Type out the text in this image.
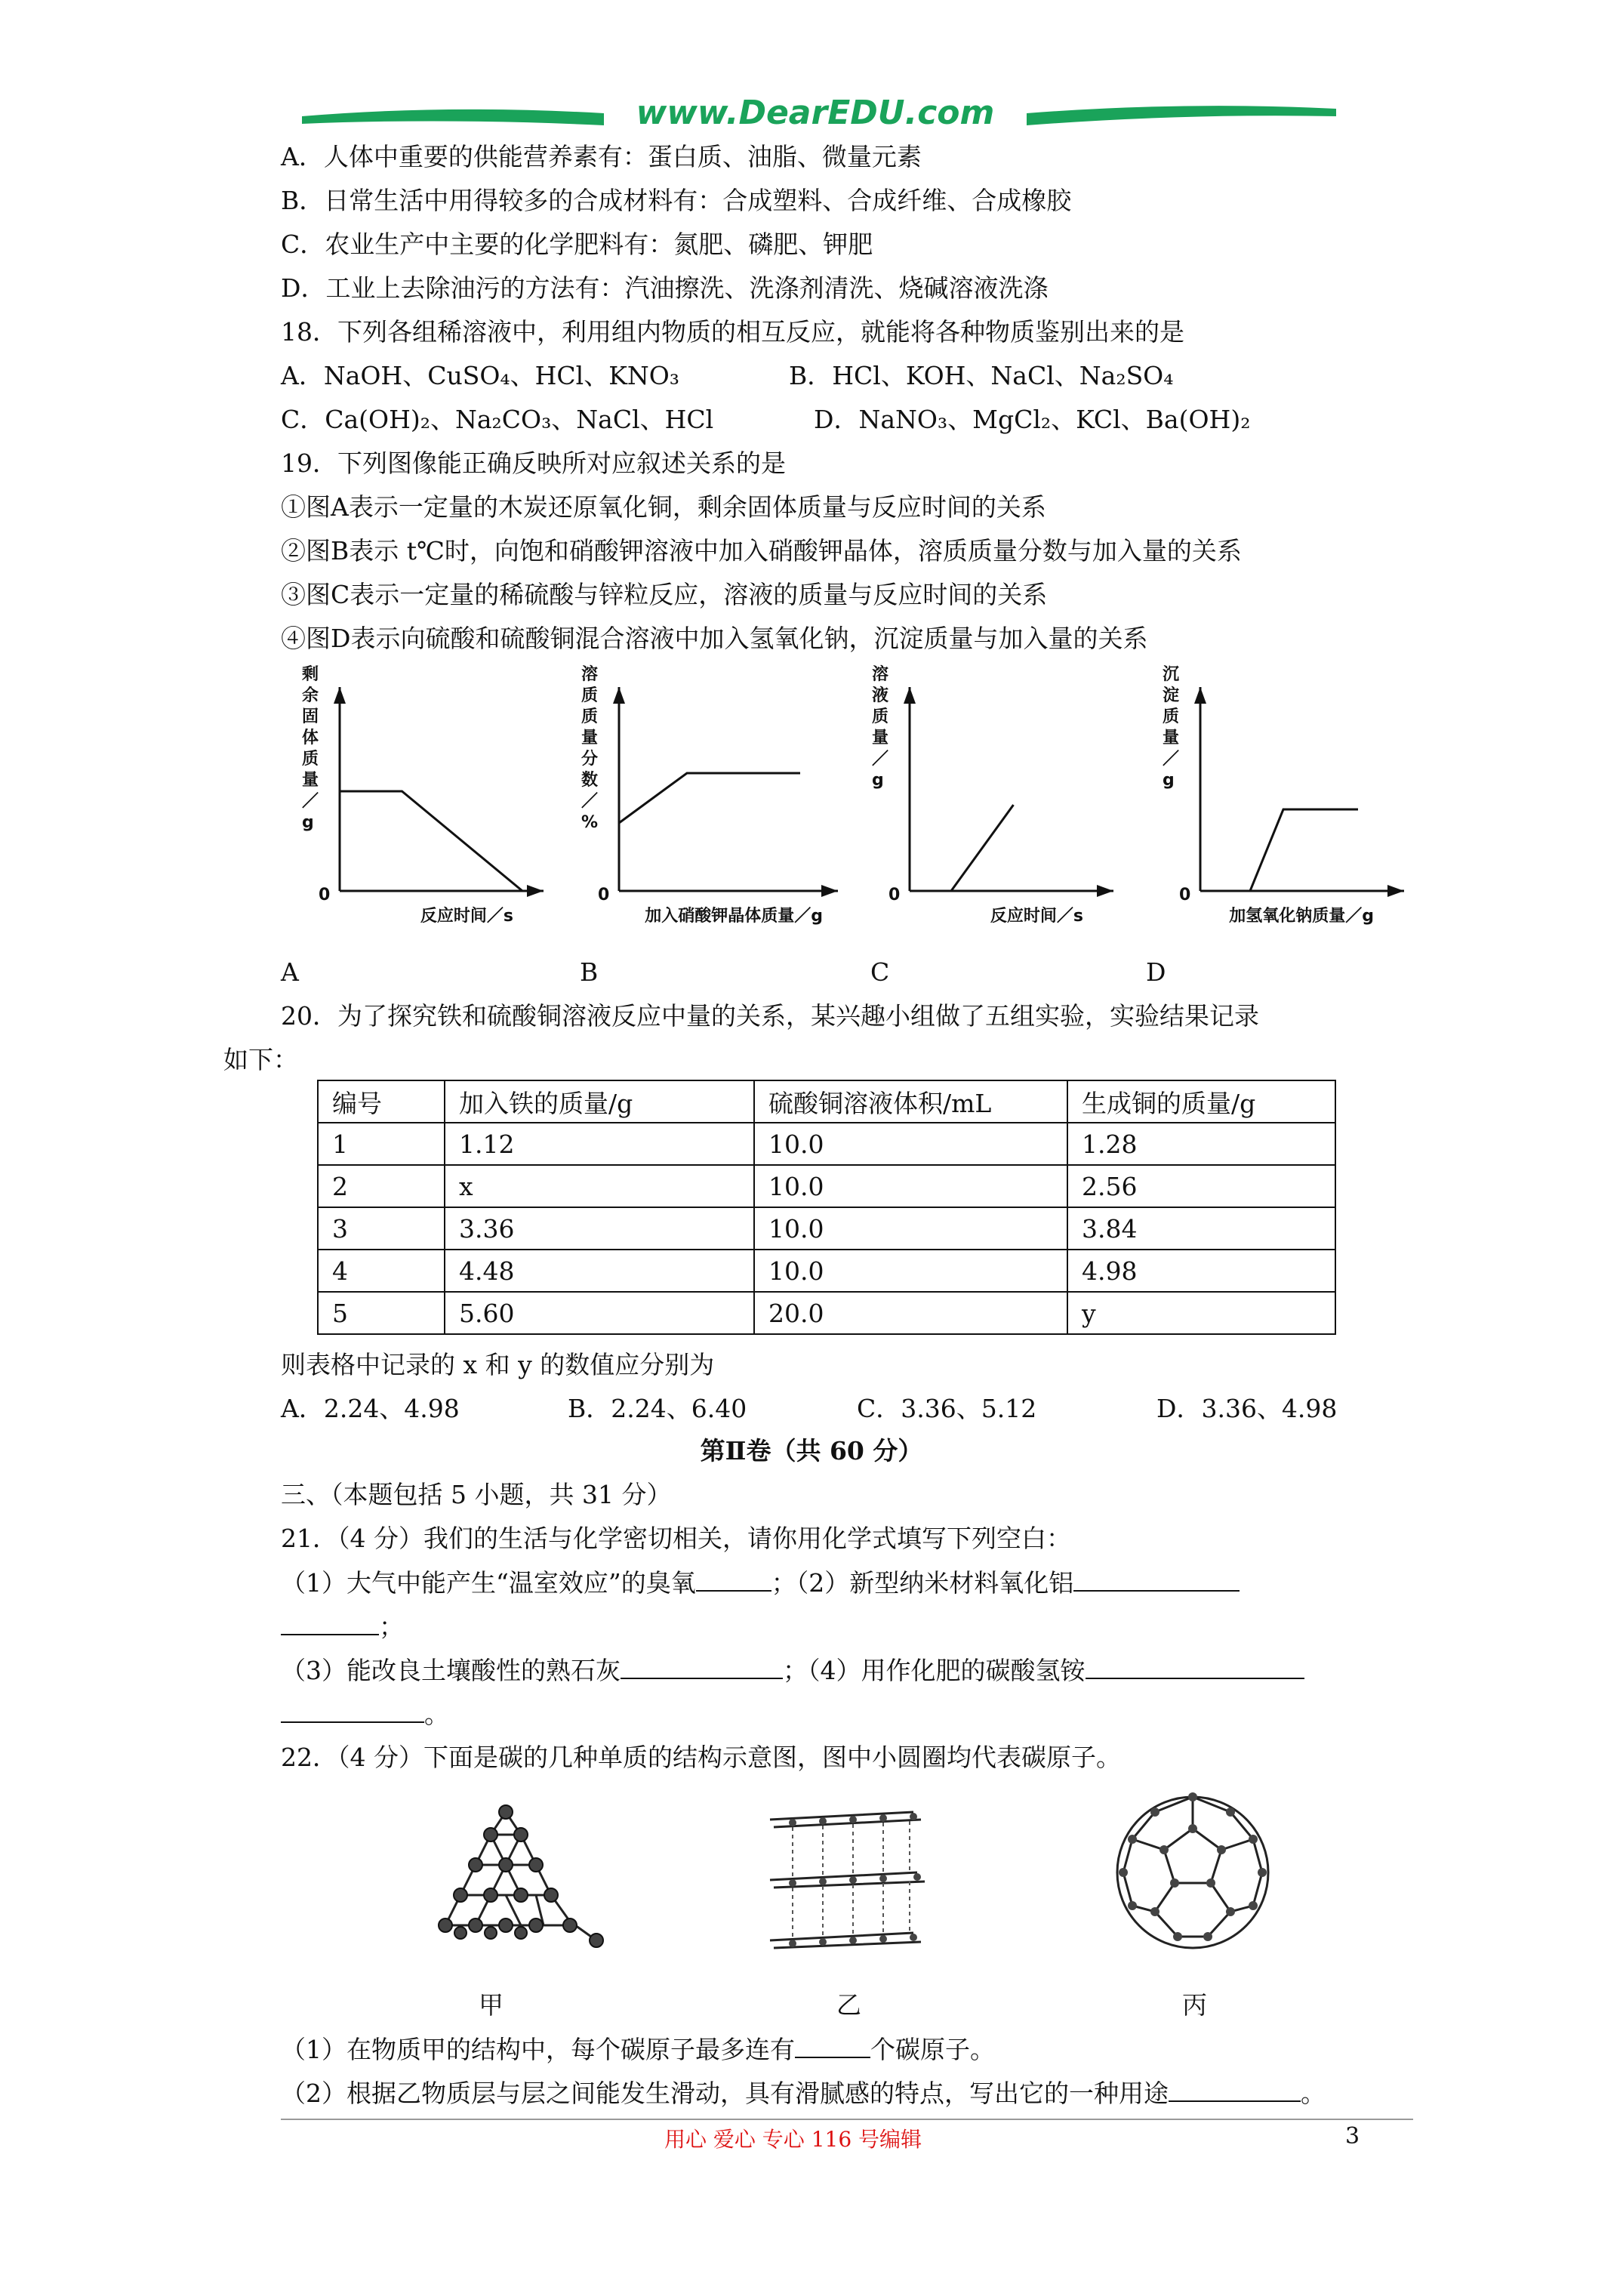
www.DearEDU.com
A．人体中重要的供能营养素有：蛋白质、油脂、微量元素
B．日常生活中用得较多的合成材料有：合成塑料、合成纤维、合成橡胶
C．农业生产中主要的化学肥料有：氮肥、磷肥、钾肥
D．工业上去除油污的方法有：汽油擦洗、洗涤剂清洗、烧碱溶液洗涤
18．下列各组稀溶液中，利用组内物质的相互反应，就能将各种物质鉴别出来的是
A．NaOH、CuSO₄、HCl、KNO₃	B．HCl、KOH、NaCl、Na₂SO₄
C．Ca(OH)₂、Na₂CO₃、NaCl、HCl	D．NaNO₃、MgCl₂、KCl、Ba(OH)₂
19．下列图像能正确反映所对应叙述关系的是
①图A表示一定量的木炭还原氧化铜，剩余固体质量与反应时间的关系
②图B表示 t℃时，向饱和硝酸钾溶液中加入硝酸钾晶体，溶质质量分数与加入量的关系
③图C表示一定量的稀硫酸与锌粒反应，溶液的质量与反应时间的关系
④图D表示向硫酸和硫酸铜混合溶液中加入氢氧化钠，沉淀质量与加入量的关系
0
反应时间／s
剩余固体质量／ g
0
加入硝酸钾晶体质量／g
溶质质量分数／%
0
反应时间／s
溶液质量／ g
0
加氢氧化钠质量／g
沉淀质量／ g
A	B	C	D
20．为了探究铁和硫酸铜溶液反应中量的关系，某兴趣小组做了五组实验，实验结果记录
如下：
编号	加入铁的质量/g	硫酸铜溶液体积/mL	生成铜的质量/g
1	1.12	10.0	1.28
2	x	10.0	2.56
3	3.36	10.0	3.84
4	4.48	10.0	4.98
5	5.60	20.0	y
则表格中记录的 x 和 y 的数值应分别为
A．2.24、4.98	B．2.24、6.40	C．3.36、5.12	D．3.36、4.98
第Ⅱ卷（共 60 分）
三、（本题包括 5 小题，共 31 分）
21．（4 分）我们的生活与化学密切相关，请你用化学式填写下列空白：
（1）大气中能产生“温室效应”的臭氧	；（2）新型纳米材料氧化铝
；
（3）能改良土壤酸性的熟石灰	；（4）用作化肥的碳酸氢铵
。
22．（4 分）下面是碳的几种单质的结构示意图，图中小圆圈均代表碳原子。
甲	乙	丙
（1）在物质甲的结构中，每个碳原子最多连有	个碳原子。
（2）根据乙物质层与层之间能发生滑动，具有滑腻感的特点，写出它的一种用途	。
用心 爱心 专心 116 号编辑	3
